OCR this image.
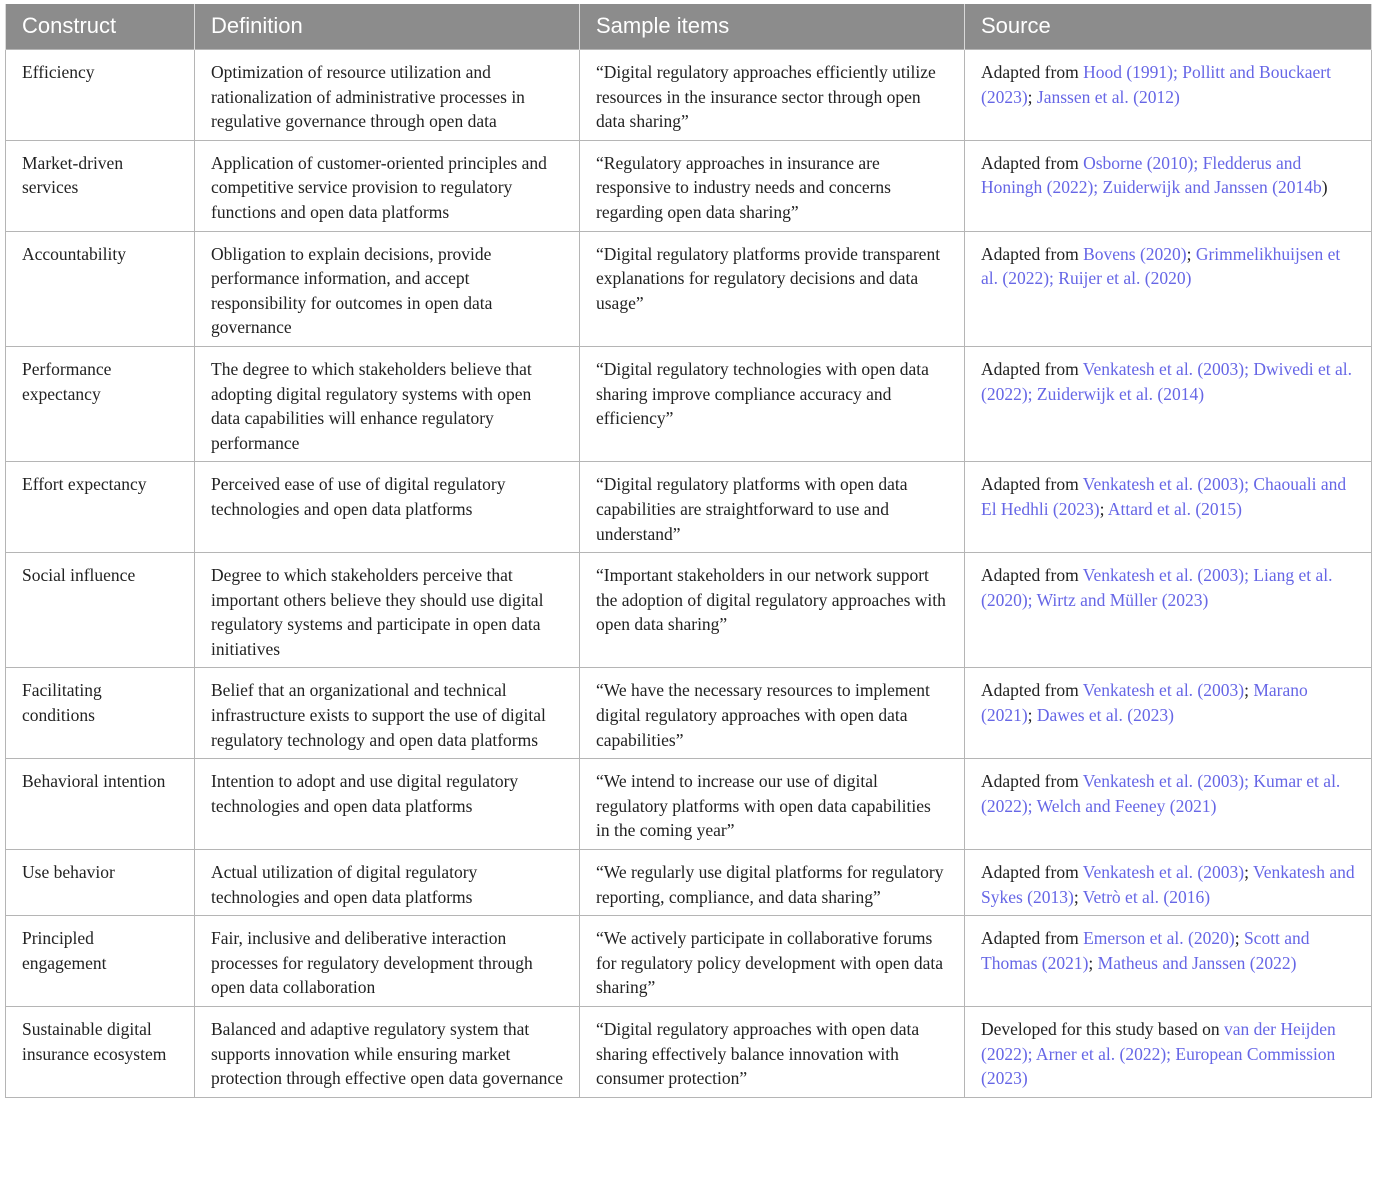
Construct	Definition	Sample items	Source
Efficiency	Optimization of resource utilization and rationalization of administrative processes in regulative governance through open data	“Digital regulatory approaches efficiently utilize resources in the insurance sector through open data sharing”	Adapted from Hood (1991); Pollitt and Bouckaert (2023); Janssen et al. (2012)
Market-driven services	Application of customer-oriented principles and competitive service provision to regulatory functions and open data platforms	“Regulatory approaches in insurance are responsive to industry needs and concerns regarding open data sharing”	Adapted from Osborne (2010); Fledderus and Honingh (2022); Zuiderwijk and Janssen (2014b)
Accountability	Obligation to explain decisions, provide performance information, and accept responsibility for outcomes in open data governance	“Digital regulatory platforms provide transparent explanations for regulatory decisions and data usage”	Adapted from Bovens (2020); Grimmelikhuijsen et al. (2022); Ruijer et al. (2020)
Performance expectancy	The degree to which stakeholders believe that adopting digital regulatory systems with open data capabilities will enhance regulatory performance	“Digital regulatory technologies with open data sharing improve compliance accuracy and efficiency”	Adapted from Venkatesh et al. (2003); Dwivedi et al. (2022); Zuiderwijk et al. (2014)
Effort expectancy	Perceived ease of use of digital regulatory technologies and open data platforms	“Digital regulatory platforms with open data capabilities are straightforward to use and understand”	Adapted from Venkatesh et al. (2003); Chaouali and El Hedhli (2023); Attard et al. (2015)
Social influence	Degree to which stakeholders perceive that important others believe they should use digital regulatory systems and participate in open data initiatives	“Important stakeholders in our network support the adoption of digital regulatory approaches with open data sharing”	Adapted from Venkatesh et al. (2003); Liang et al. (2020); Wirtz and Müller (2023)
Facilitating conditions	Belief that an organizational and technical infrastructure exists to support the use of digital regulatory technology and open data platforms	“We have the necessary resources to implement digital regulatory approaches with open data capabilities”	Adapted from Venkatesh et al. (2003); Marano (2021); Dawes et al. (2023)
Behavioral intention	Intention to adopt and use digital regulatory technologies and open data platforms	“We intend to increase our use of digital regulatory platforms with open data capabilities in the coming year”	Adapted from Venkatesh et al. (2003); Kumar et al. (2022); Welch and Feeney (2021)
Use behavior	Actual utilization of digital regulatory technologies and open data platforms	“We regularly use digital platforms for regulatory reporting, compliance, and data sharing”	Adapted from Venkatesh et al. (2003); Venkatesh and Sykes (2013); Vetrò et al. (2016)
Principled engagement	Fair, inclusive and deliberative interaction processes for regulatory development through open data collaboration	“We actively participate in collaborative forums for regulatory policy development with open data sharing”	Adapted from Emerson et al. (2020); Scott and Thomas (2021); Matheus and Janssen (2022)
Sustainable digital insurance ecosystem	Balanced and adaptive regulatory system that supports innovation while ensuring market protection through effective open data governance	“Digital regulatory approaches with open data sharing effectively balance innovation with consumer protection”	Developed for this study based on van der Heijden (2022); Arner et al. (2022); European Commission (2023)
